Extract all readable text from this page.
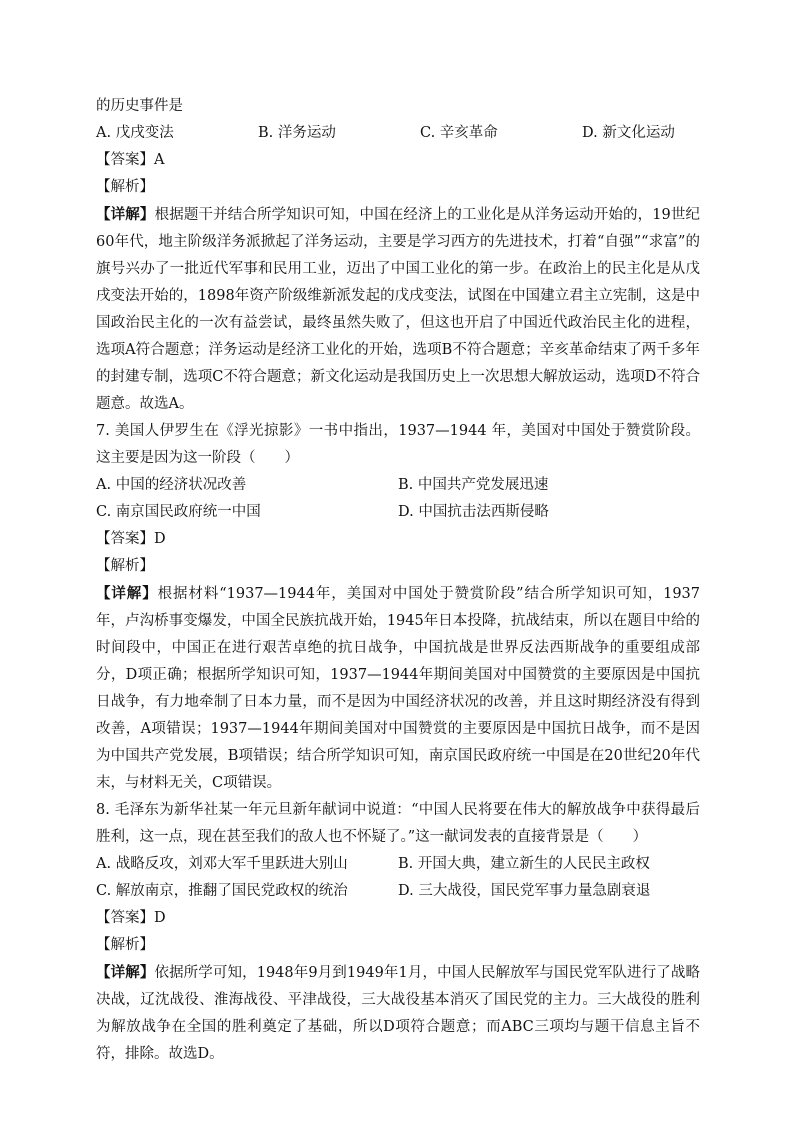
的历史事件是
A. 戊戌变法	B. 洋务运动	C. 辛亥革命	D. 新文化运动
【答案】A
【解析】
【详解】根据题干并结合所学知识可知，中国在经济上的工业化是从洋务运动开始的，19世纪60年代，地主阶级洋务派掀起了洋务运动，主要是学习西方的先进技术，打着“自强”“求富”的旗号兴办了一批近代军事和民用工业，迈出了中国工业化的第一步。在政治上的民主化是从戊戌变法开始的，1898年资产阶级维新派发起的戊戌变法，试图在中国建立君主立宪制，这是中国政治民主化的一次有益尝试，最终虽然失败了，但这也开启了中国近代政治民主化的进程，选项A符合题意；洋务运动是经济工业化的开始，选项B不符合题意；辛亥革命结束了两千多年的封建专制，选项C不符合题意；新文化运动是我国历史上一次思想大解放运动，选项D不符合题意。故选A。
7. 美国人伊罗生在《浮光掠影》一书中指出，1937—1944 年，美国对中国处于赞赏阶段。这主要是因为这一阶段（　　）
A. 中国的经济状况改善	B. 中国共产党发展迅速
C. 南京国民政府统一中国	D. 中国抗击法西斯侵略
【答案】D
【解析】
【详解】根据材料“1937—1944年，美国对中国处于赞赏阶段”结合所学知识可知，1937年，卢沟桥事变爆发，中国全民族抗战开始，1945年日本投降，抗战结束，所以在题目中给的时间段中，中国正在进行艰苦卓绝的抗日战争，中国抗战是世界反法西斯战争的重要组成部分，D项正确；根据所学知识可知，1937—1944年期间美国对中国赞赏的主要原因是中国抗日战争，有力地牵制了日本力量，而不是因为中国经济状况的改善，并且这时期经济没有得到改善，A项错误；1937—1944年期间美国对中国赞赏的主要原因是中国抗日战争，而不是因为中国共产党发展，B项错误；结合所学知识可知，南京国民政府统一中国是在20世纪20年代末，与材料无关，C项错误。
8. 毛泽东为新华社某一年元旦新年献词中说道：“中国人民将要在伟大的解放战争中获得最后胜利，这一点，现在甚至我们的敌人也不怀疑了。”这一献词发表的直接背景是（　　）
A. 战略反攻，刘邓大军千里跃进大别山	B. 开国大典，建立新生的人民民主政权
C. 解放南京，推翻了国民党政权的统治	D. 三大战役，国民党军事力量急剧衰退
【答案】D
【解析】
【详解】依据所学可知，1948年9月到1949年1月，中国人民解放军与国民党军队进行了战略决战，辽沈战役、淮海战役、平津战役，三大战役基本消灭了国民党的主力。三大战役的胜利为解放战争在全国的胜利奠定了基础，所以D项符合题意；而ABC三项均与题干信息主旨不符，排除。故选D。
